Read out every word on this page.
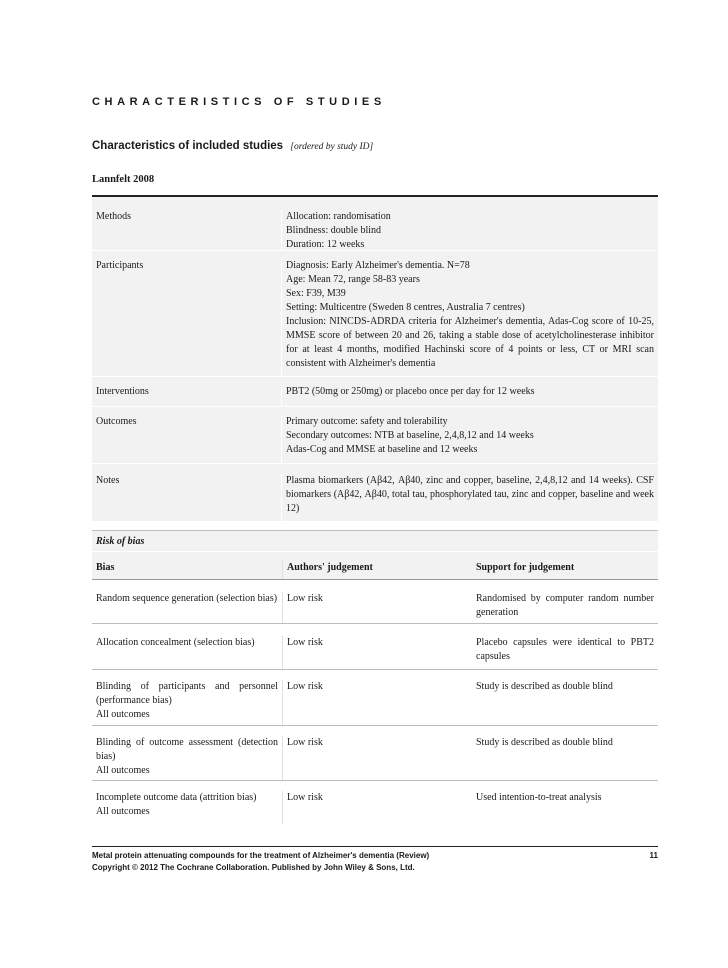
CHARACTERISTICS OF STUDIES
Characteristics of included studies [ordered by study ID]
Lannfelt 2008
Methods	Allocation: randomisation
Blindness: double blind
Duration: 12 weeks
Participants	Diagnosis: Early Alzheimer's dementia. N=78
Age: Mean 72, range 58-83 years
Sex: F39, M39
Setting: Multicentre (Sweden 8 centres, Australia 7 centres)
Inclusion: NINCDS-ADRDA criteria for Alzheimer's dementia, Adas-Cog score of 10-25, MMSE score of between 20 and 26, taking a stable dose of acetylcholinesterase inhibitor for at least 4 months, modified Hachinski score of 4 points or less, CT or MRI scan consistent with Alzheimer's dementia
Interventions	PBT2 (50mg or 250mg) or placebo once per day for 12 weeks
Outcomes	Primary outcome: safety and tolerability
Secondary outcomes: NTB at baseline, 2,4,8,12 and 14 weeks
Adas-Cog and MMSE at baseline and 12 weeks
Notes	Plasma biomarkers (Aβ42, Aβ40, zinc and copper, baseline, 2,4,8,12 and 14 weeks). CSF biomarkers (Aβ42, Aβ40, total tau, phosphorylated tau, zinc and copper, baseline and week 12)
Risk of bias
Bias	Authors' judgement	Support for judgement
Random sequence generation (selection bias) Low risk	Randomised by computer random number generation
Allocation concealment (selection bias)	Low risk	Placebo capsules were identical to PBT2 capsules
Blinding of participants and personnel (performance bias)
All outcomes
Low risk	Study is described as double blind
Blinding of outcome assessment (detection bias)
All outcomes
Low risk	Study is described as double blind
Incomplete outcome data (attrition bias)
All outcomes
Low risk	Used intention-to-treat analysis
Metal protein attenuating compounds for the treatment of Alzheimer's dementia (Review)
Copyright © 2012 The Cochrane Collaboration. Published by John Wiley & Sons, Ltd.
11
